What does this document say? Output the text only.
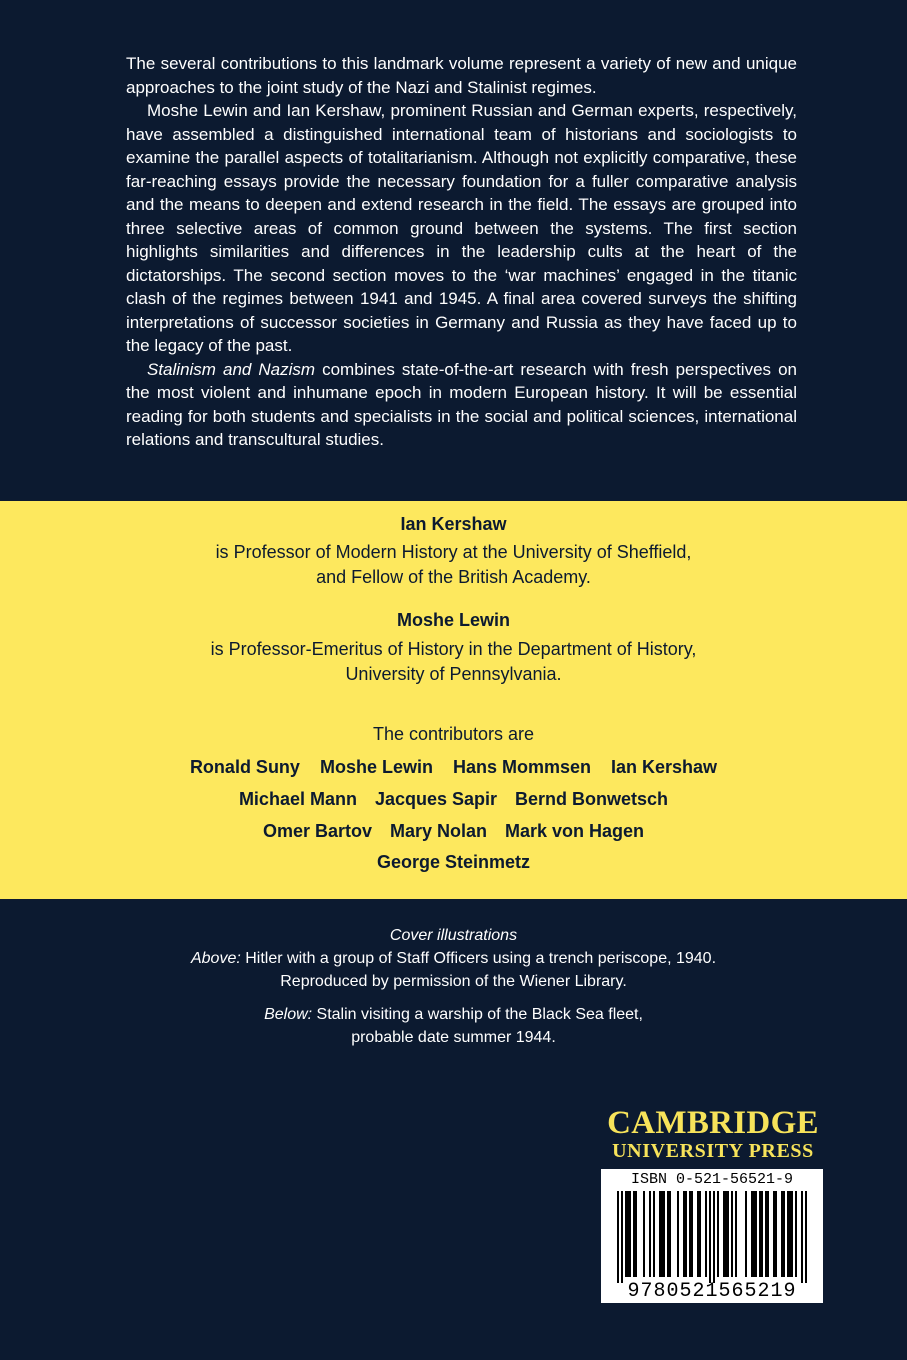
The several contributions to this landmark volume represent a variety of new and unique approaches to the joint study of the Nazi and Stalinist regimes.

Moshe Lewin and Ian Kershaw, prominent Russian and German experts, respectively, have assembled a distinguished international team of historians and sociologists to examine the parallel aspects of totalitarianism. Although not explicitly comparative, these far-reaching essays provide the necessary foundation for a fuller comparative analysis and the means to deepen and extend research in the field. The essays are grouped into three selective areas of common ground between the systems. The first section highlights similarities and differences in the leadership cults at the heart of the dictatorships. The second section moves to the ‘war machines’ engaged in the titanic clash of the regimes between 1941 and 1945. A final area covered surveys the shifting interpretations of successor societies in Germany and Russia as they have faced up to the legacy of the past.

Stalinism and Nazism combines state-of-the-art research with fresh perspectives on the most violent and inhumane epoch in modern European history. It will be essential reading for both students and specialists in the social and political sciences, international relations and transcultural studies.

Ian Kershaw
is Professor of Modern History at the University of Sheffield,
and Fellow of the British Academy.
Moshe Lewin
is Professor-Emeritus of History in the Department of History,
University of Pennsylvania.
The contributors are
Ronald Suny Moshe Lewin Hans Mommsen Ian Kershaw
Michael Mann Jacques Sapir Bernd Bonwetsch
Omer Bartov Mary Nolan Mark von Hagen
George Steinmetz
Cover illustrations
Above: Hitler with a group of Staff Officers using a trench periscope, 1940.
Reproduced by permission of the Wiener Library.
Below: Stalin visiting a warship of the Black Sea fleet,
probable date summer 1944.
CAMBRIDGE
UNIVERSITY PRESS
ISBN 0-521-56521-9
9780521565219
